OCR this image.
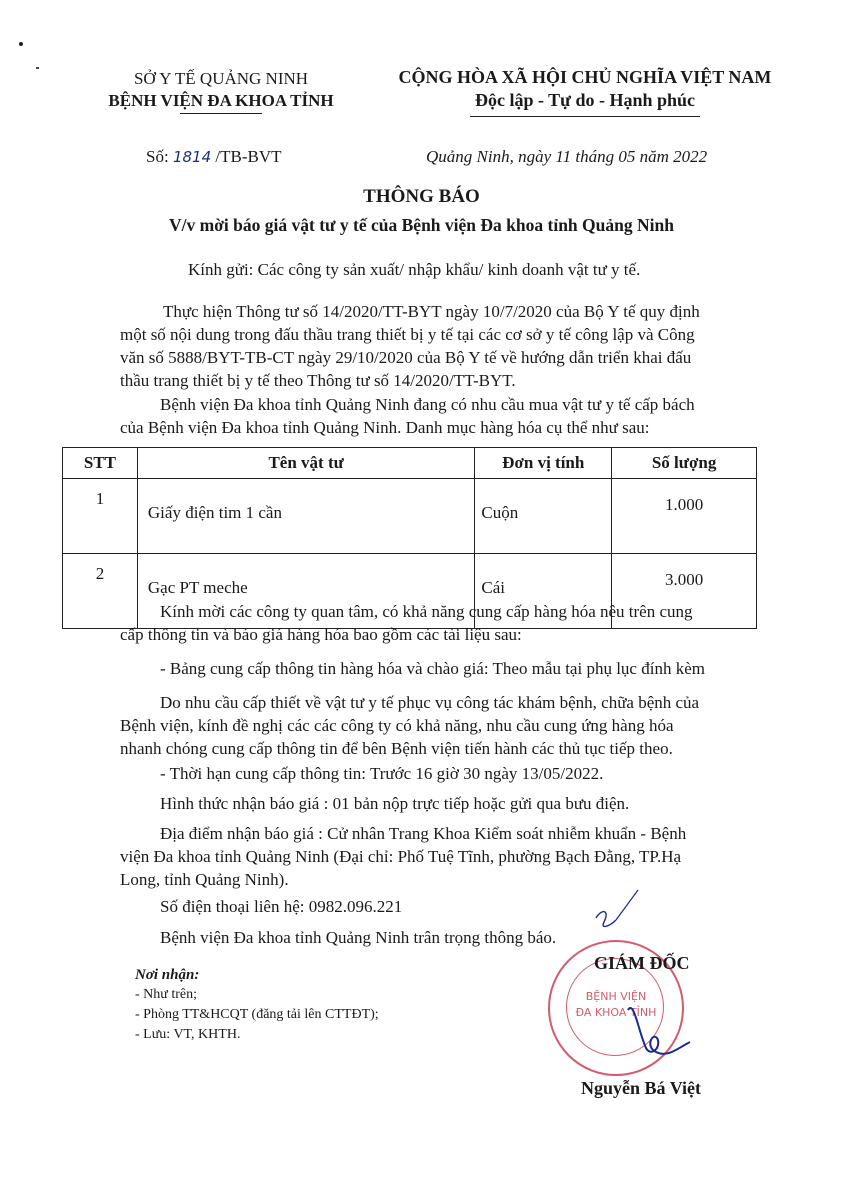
SỞ Y TẾ QUẢNG NINH
BỆNH VIỆN ĐA KHOA TỈNH
CỘNG HÒA XÃ HỘI CHỦ NGHĨA VIỆT NAM
Độc lập - Tự do - Hạnh phúc
Số: 1814 /TB-BVT	Quảng Ninh, ngày 11 tháng 05 năm 2022
THÔNG BÁO
V/v mời báo giá vật tư y tế của Bệnh viện Đa khoa tỉnh Quảng Ninh
Kính gửi: Các công ty sản xuất/ nhập khẩu/ kinh doanh vật tư y tế.
Thực hiện Thông tư số 14/2020/TT-BYT ngày 10/7/2020 của Bộ Y tế quy định
một số nội dung trong đấu thầu trang thiết bị y tế tại các cơ sở y tế công lập và Công
văn số 5888/BYT-TB-CT ngày 29/10/2020 của Bộ Y tế về hướng dẫn triển khai đấu
thầu trang thiết bị y tế theo Thông tư số 14/2020/TT-BYT.
Bệnh viện Đa khoa tỉnh Quảng Ninh đang có nhu cầu mua vật tư y tế cấp bách
của Bệnh viện Đa khoa tỉnh Quảng Ninh. Danh mục hàng hóa cụ thể như sau:
STT	Tên vật tư	Đơn vị tính	Số lượng
1	Giấy điện tim 1 cần	Cuộn	1.000
2	Gạc PT meche	Cái	3.000
Kính mời các công ty quan tâm, có khả năng cung cấp hàng hóa nêu trên cung
cấp thông tin và báo giá hàng hóa bao gồm các tài liệu sau:
- Bảng cung cấp thông tin hàng hóa và chào giá: Theo mẫu tại phụ lục đính kèm
Do nhu cầu cấp thiết về vật tư y tế phục vụ công tác khám bệnh, chữa bệnh của
Bệnh viện, kính đề nghị các các công ty có khả năng, nhu cầu cung ứng hàng hóa
nhanh chóng cung cấp thông tin để bên Bệnh viện tiến hành các thủ tục tiếp theo.
- Thời hạn cung cấp thông tin: Trước 16 giờ 30 ngày 13/05/2022.
Hình thức nhận báo giá : 01 bản nộp trực tiếp hoặc gửi qua bưu điện.
Địa điểm nhận báo giá : Cử nhân Trang Khoa Kiểm soát nhiễm khuẩn - Bệnh
viện Đa khoa tỉnh Quảng Ninh (Đại chỉ: Phố Tuệ Tĩnh, phường Bạch Đằng, TP.Hạ
Long, tỉnh Quảng Ninh).
Số điện thoại liên hệ: 0982.096.221
Bệnh viện Đa khoa tỉnh Quảng Ninh trân trọng thông báo.
Nơi nhận:
- Như trên;
- Phòng TT&HCQT (đăng tải lên CTTĐT);
- Lưu: VT, KHTH.
BỆNH VIỆN
ĐA KHOA TỈNH
GIÁM ĐỐC
Nguyễn Bá Việt
